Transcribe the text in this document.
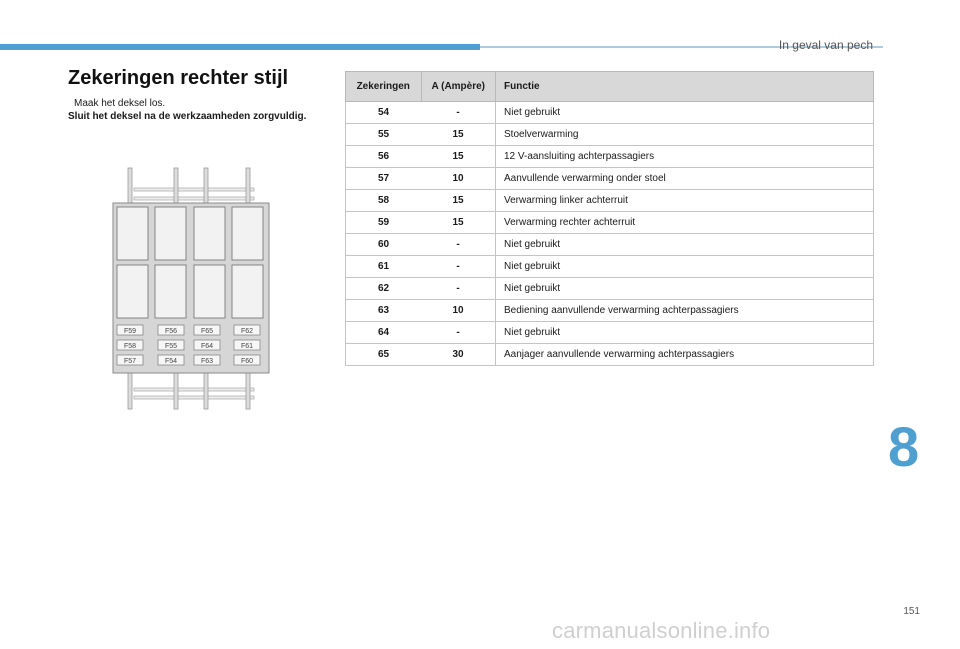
In geval van pech
Zekeringen rechter stijl
Maak het deksel los.
Sluit het deksel na de werkzaamheden zorgvuldig.
F59	F56	F65	F62
F58	F55	F64	F61
F57	F54	F63	F60
Zekeringen	A (Ampère)	Functie
54	-	Niet gebruikt
55	15	Stoelverwarming
56	15	12 V-aansluiting achterpassagiers
57	10	Aanvullende verwarming onder stoel
58	15	Verwarming linker achterruit
59	15	Verwarming rechter achterruit
60	-	Niet gebruikt
61	-	Niet gebruikt
62	-	Niet gebruikt
63	10	Bediening aanvullende verwarming achterpassagiers
64	-	Niet gebruikt
65	30	Aanjager aanvullende verwarming achterpassagiers
8
151
carmanualsonline.info
